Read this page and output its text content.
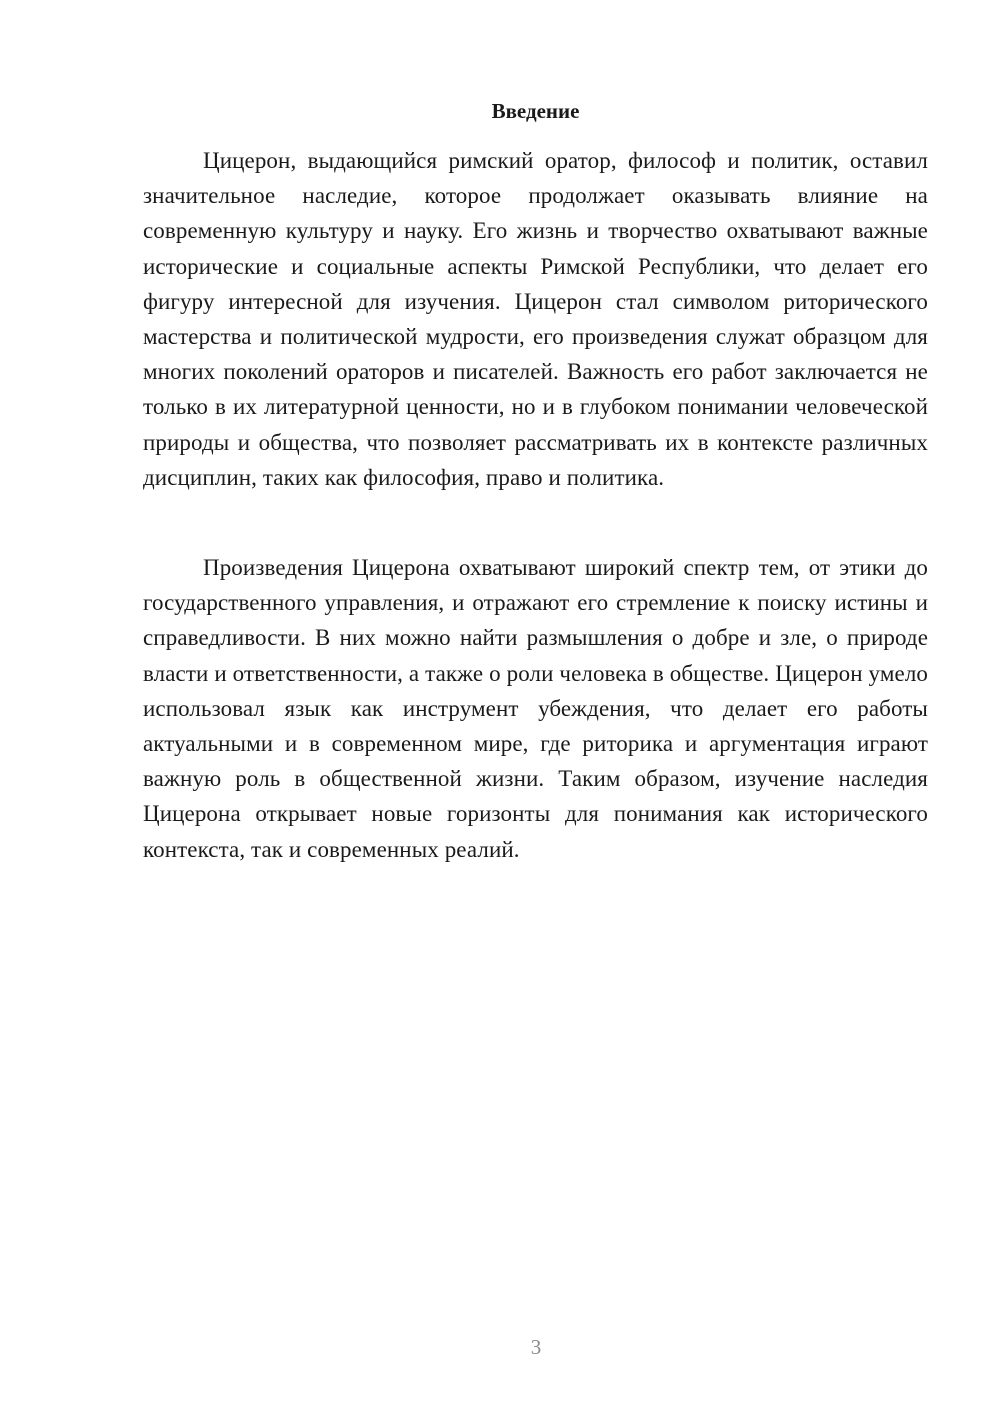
Введение

Цицерон, выдающийся римский оратор, философ и политик, оставил значительное наследие, которое продолжает оказывать влияние на современную культуру и науку. Его жизнь и творчество охватывают важные исторические и социальные аспекты Римской Республики, что делает его фигуру интересной для изучения. Цицерон стал символом риторического мастерства и политической мудрости, его произведения служат образцом для многих поколений ораторов и писателей. Важность его работ заключается не только в их литературной ценности, но и в глубоком понимании человеческой природы и общества, что позволяет рассматривать их в контексте различных дисциплин, таких как философия, право и политика.

Произведения Цицерона охватывают широкий спектр тем, от этики до государственного управления, и отражают его стремление к поиску истины и справедливости. В них можно найти размышления о добре и зле, о природе власти и ответственности, а также о роли человека в обществе. Цицерон умело использовал язык как инструмент убеждения, что делает его работы актуальными и в современном мире, где риторика и аргументация играют важную роль в общественной жизни. Таким образом, изучение наследия Цицерона открывает новые горизонты для понимания как исторического контекста, так и современных реалий.

3
